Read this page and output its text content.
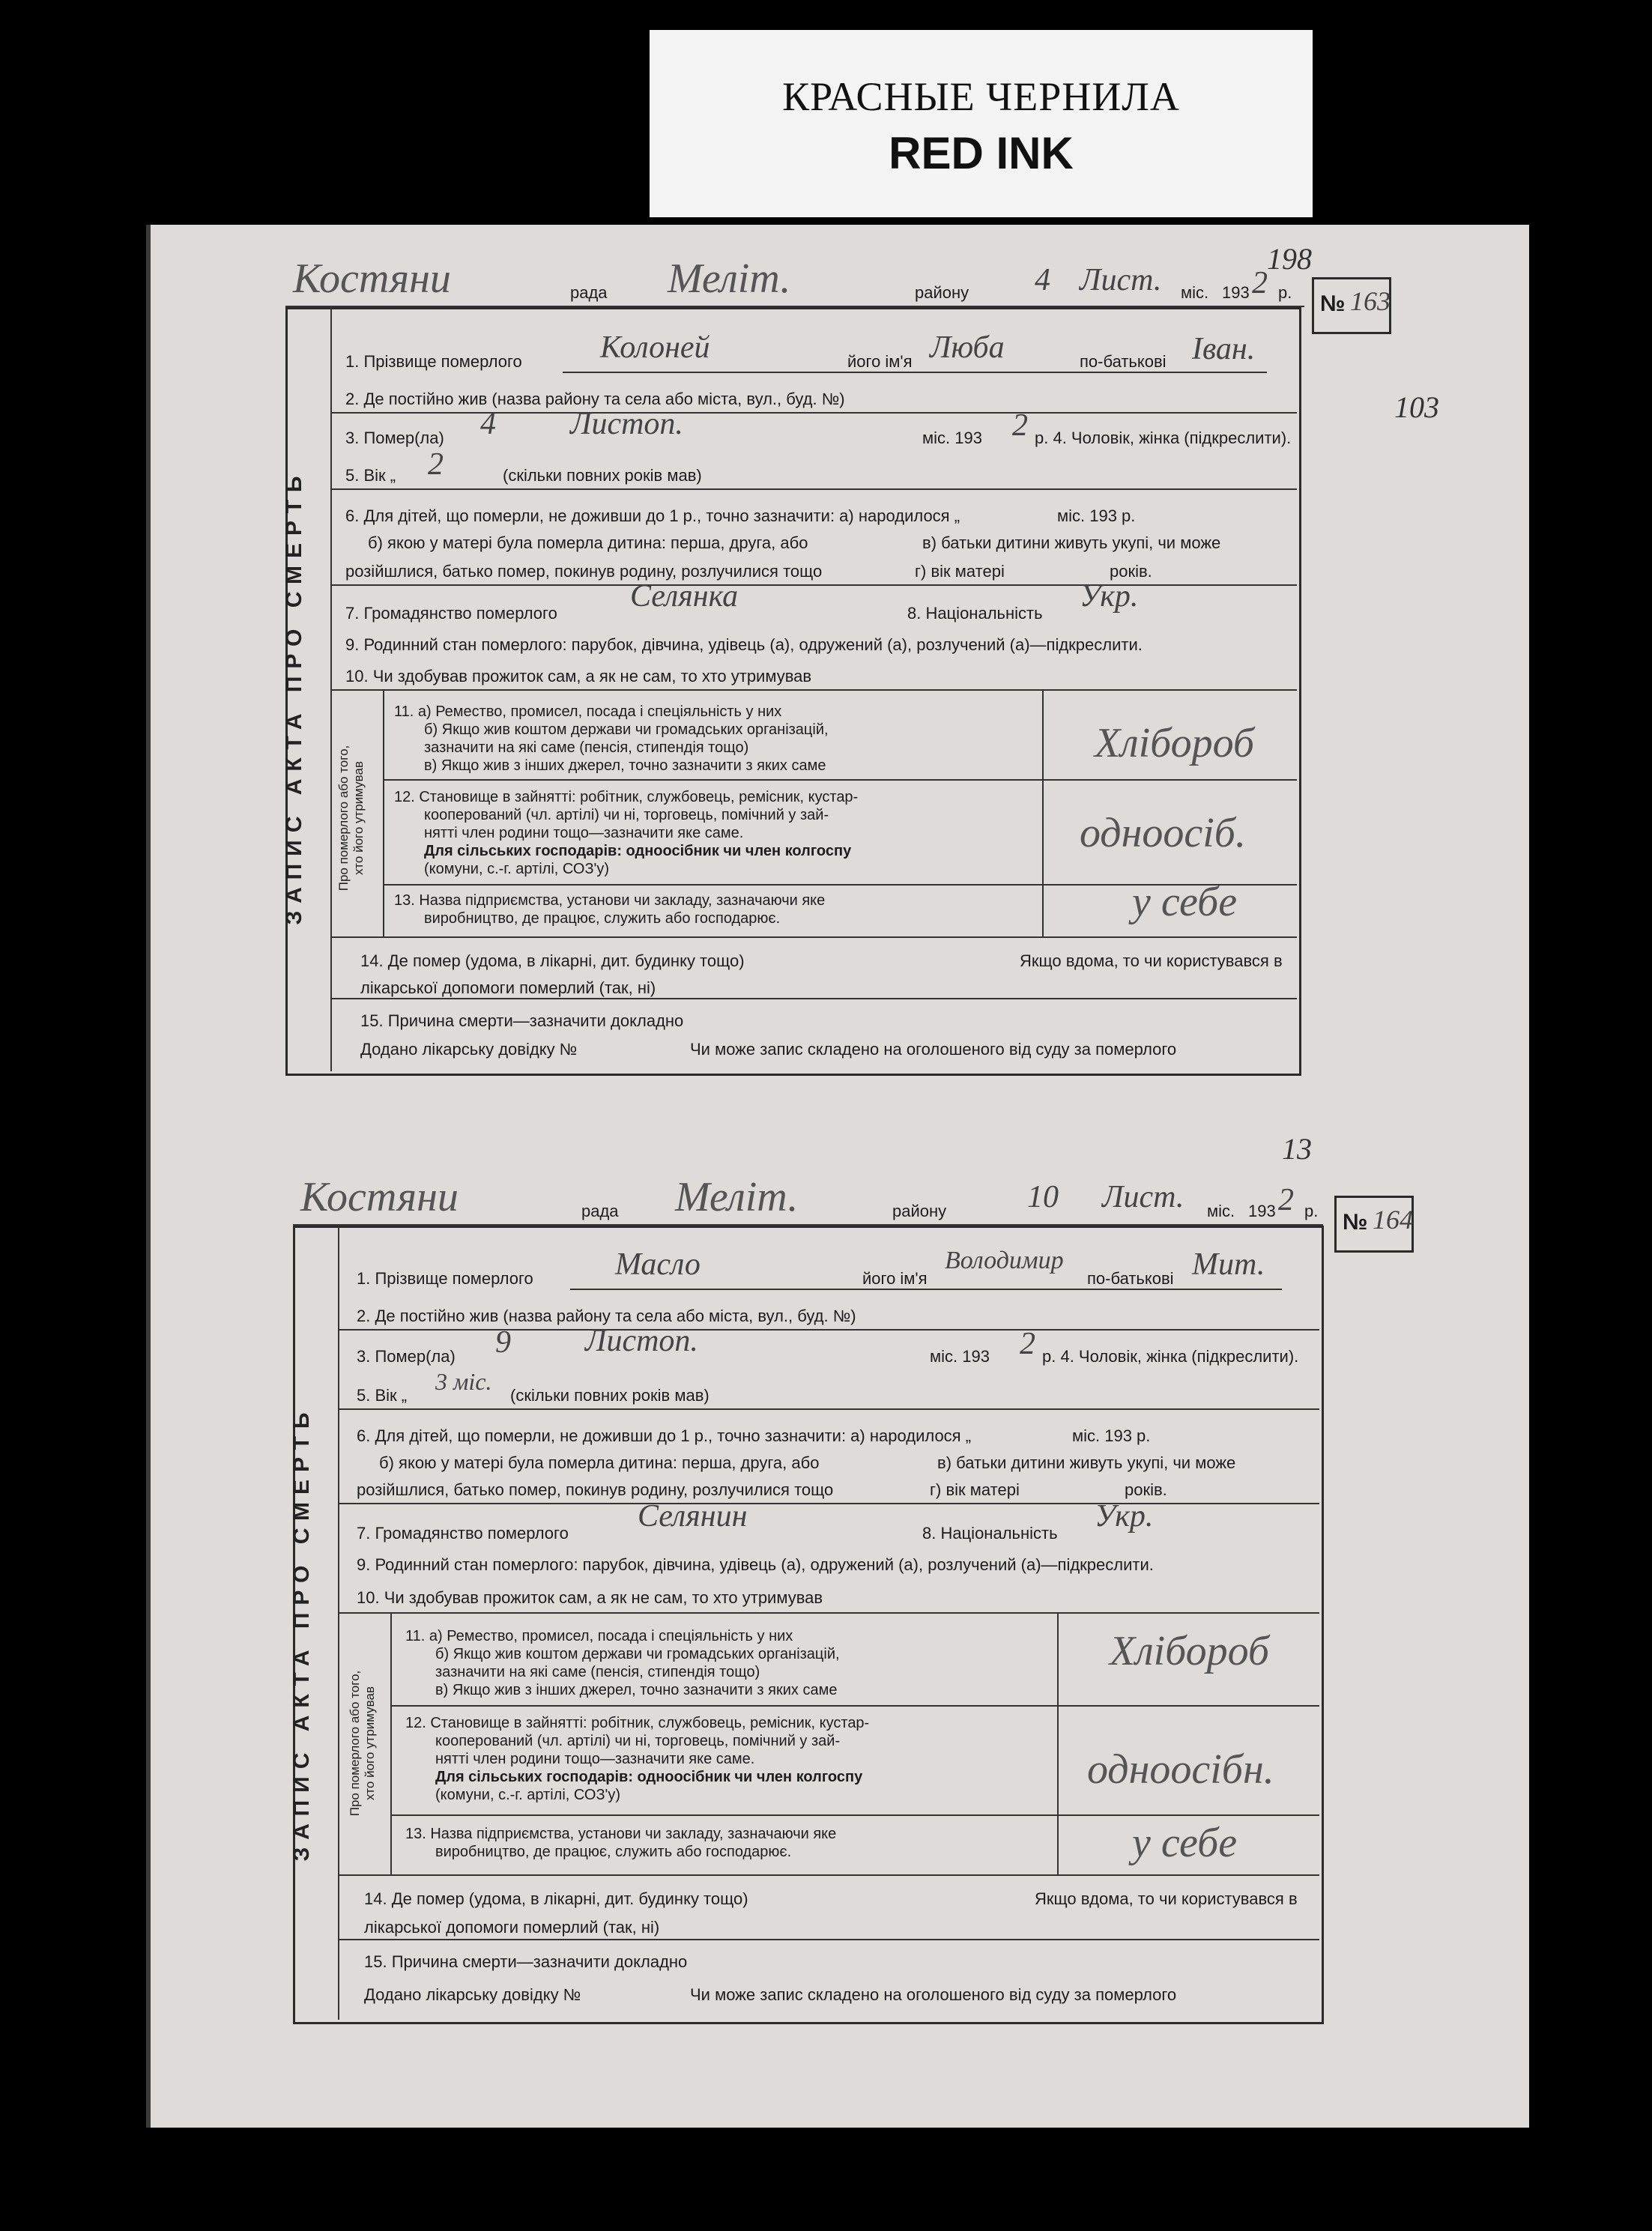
КРАСНЫЕ ЧЕРНИЛА
RED INK
Костяни	рада Меліт.	району 4 Лист. міс. 193 2 р.
198
№ 163
103
ЗАПИС АКТА ПРО СМЕРТЬ
1. Прізвище померлого Колоней	його ім'я Люба	по-батькові Іван.
2. Де постійно жив (назва району та села або міста, вул., буд. №)
3. Помер(ла) 4 Листоп.	міс. 193 2 р. 4. Чоловік, жінка (підкреслити).
5. Вік „ 2	(скільки повних років мав)
6. Для дітей, що померли, не доживши до 1 р., точно зазначити: а) народилося „	міс. 193 р.
б) якою у матері була померла дитина: перша, друга, або	в) батьки дитини живуть укупі, чи може
розійшлися, батько помер, покинув родину, розлучилися тощо	г) вік матері	років.
7. Громадянство померлого Селянка	8. Національність Укр.
9. Родинний стан померлого: парубок, дівчина, удівець (а), одружений (а), розлучений (а)—підкреслити.
10. Чи здобував прожиток сам, а як не сам, то хто утримував
Про померлого або того,
хто його утримував
11. а) Ремество, промисел, посада і спеціяльність у них
б) Якщо жив коштом держави чи громадських організацій,
зазначити на які саме (пенсія, стипендія тощо)
в) Якщо жив з інших джерел, точно зазначити з яких саме	Хлібороб
12. Становище в зайнятті: робітник, службовець, ремісник, кустар-
кооперований (чл. артілі) чи ні, торговець, помічний у зай-
нятті член родини тощо—зазначити яке саме.
Для сільських господарів: одноосібник чи член колгоспу
(комуни, с.-г. артілі, СОЗ'у)
одноосіб.
13. Назва підприємства, установи чи закладу, зазначаючи яке
виробництво, де працює, служить або господарює.	у себе
14. Де помер (удома, в лікарні, дит. будинку тощо)	Якщо вдома, то чи користувався в
лікарської допомоги померлий (так, ні)
15. Причина смерти—зазначити докладно
Додано лікарську довідку №	Чи може запис складено на оголошеного від суду за померлого
13
Костяни	рада Меліт.	району	10 Лист. міс. 193 2 р. № 164
ЗАПИС АКТА ПРО СМЕРТЬ
1. Прізвище померлого	Масло	його ім'я
Володимир
по-батькові Мит.
2. Де постійно жив (назва району та села або міста, вул., буд. №)
3. Помер(ла) 9 Листоп.	міс. 193 2 р. 4. Чоловік, жінка (підкреслити).
5. Вік „
3 міс.
(скільки повних років мав)
6. Для дітей, що померли, не доживши до 1 р., точно зазначити: а) народилося „	міс. 193 р.
б) якою у матері була померла дитина: перша, друга, або	в) батьки дитини живуть укупі, чи може
розійшлися, батько помер, покинув родину, розлучилися тощо	г) вік матері	років.
7. Громадянство померлого Селянин	8. Національність Укр.
9. Родинний стан померлого: парубок, дівчина, удівець (а), одружений (а), розлучений (а)—підкреслити.
10. Чи здобував прожиток сам, а як не сам, то хто утримував
Про померлого або того,
хто його утримував
11. а) Ремество, промисел, посада і спеціяльність у них
б) Якщо жив коштом держави чи громадських організацій,
зазначити на які саме (пенсія, стипендія тощо)
в) Якщо жив з інших джерел, точно зазначити з яких саме
Хлібороб
12. Становище в зайнятті: робітник, службовець, ремісник, кустар-
кооперований (чл. артілі) чи ні, торговець, помічний у зай-
нятті член родини тощо—зазначити яке саме.
Для сільських господарів: одноосібник чи член колгоспу
(комуни, с.-г. артілі, СОЗ'у)
одноосібн.
13. Назва підприємства, установи чи закладу, зазначаючи яке
виробництво, де працює, служить або господарює.	у себе
14. Де помер (удома, в лікарні, дит. будинку тощо)	Якщо вдома, то чи користувався в
лікарської допомоги померлий (так, ні)
15. Причина смерти—зазначити докладно
Додано лікарську довідку №	Чи може запис складено на оголошеного від суду за померлого
